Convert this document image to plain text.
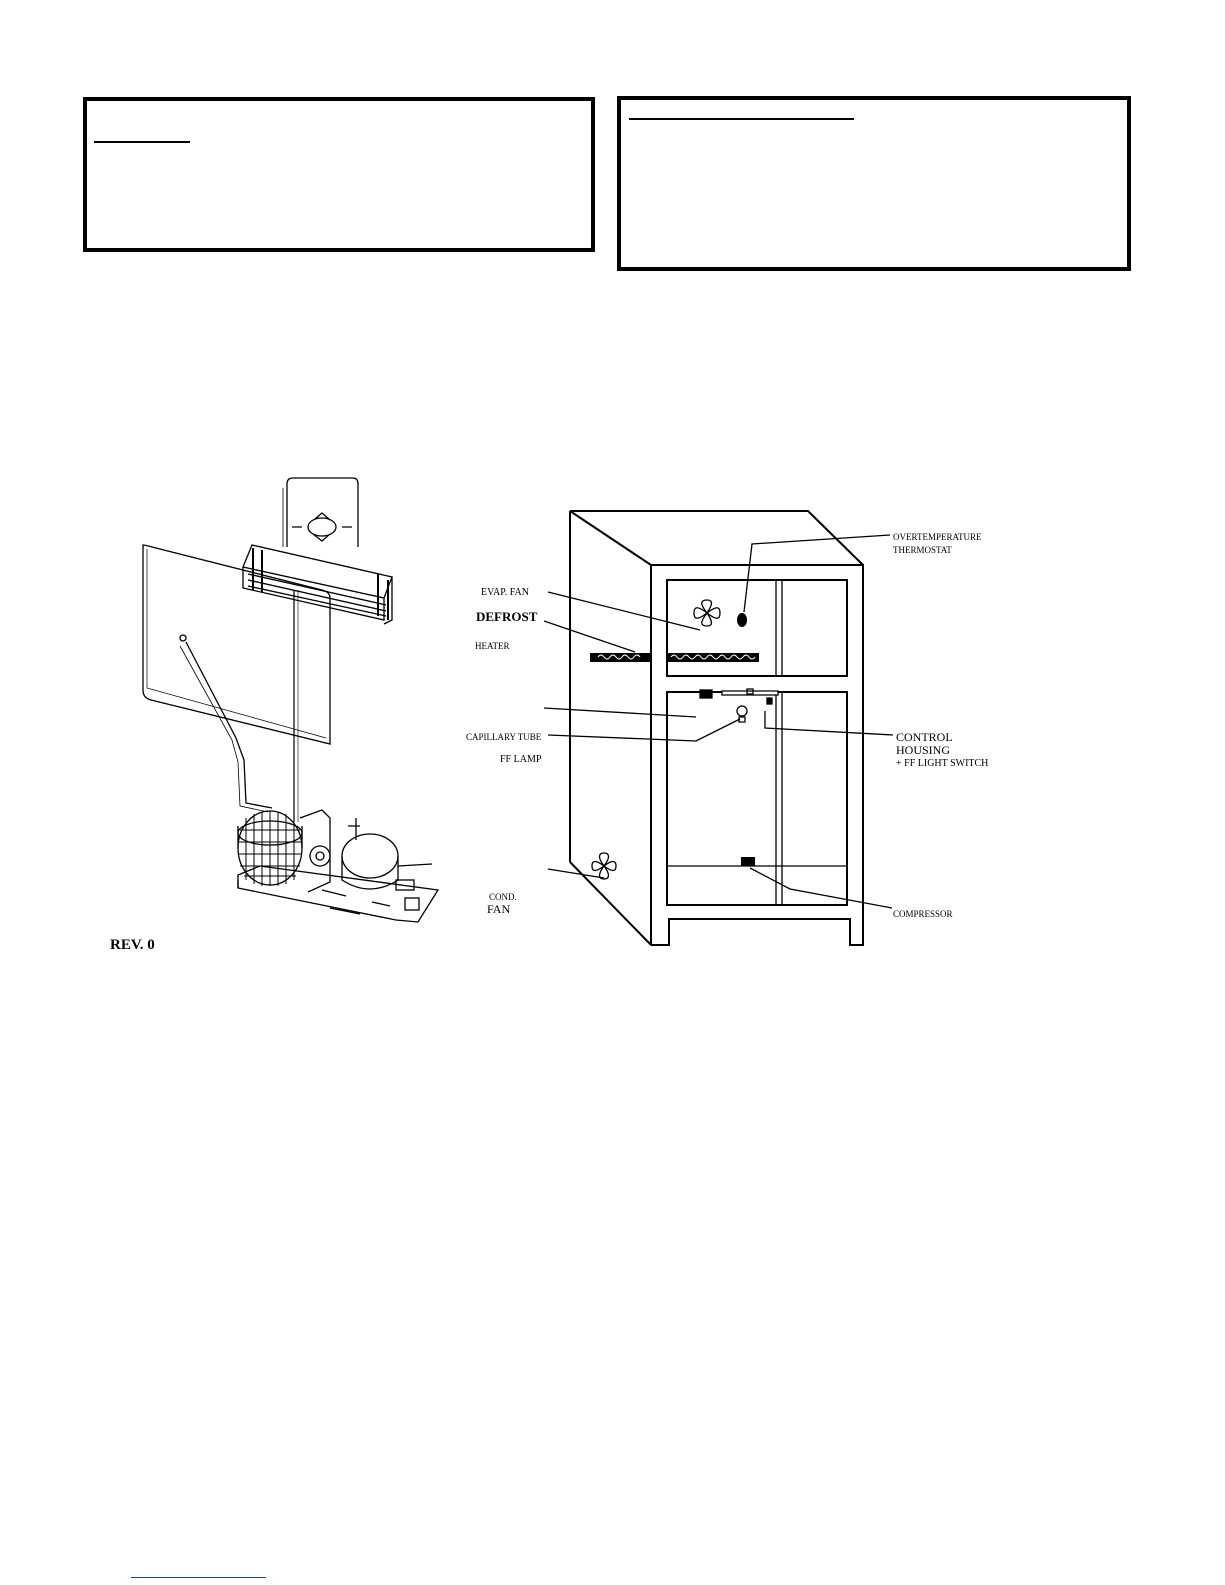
REV. 0
OVERTEMPERATURE
THERMOSTAT
EVAP. FAN
DEFROST
HEATER
CAPILLARY TUBE
FF LAMP
CONTROL
HOUSING
+ FF LIGHT SWITCH
COND.
FAN	COMPRESSOR
